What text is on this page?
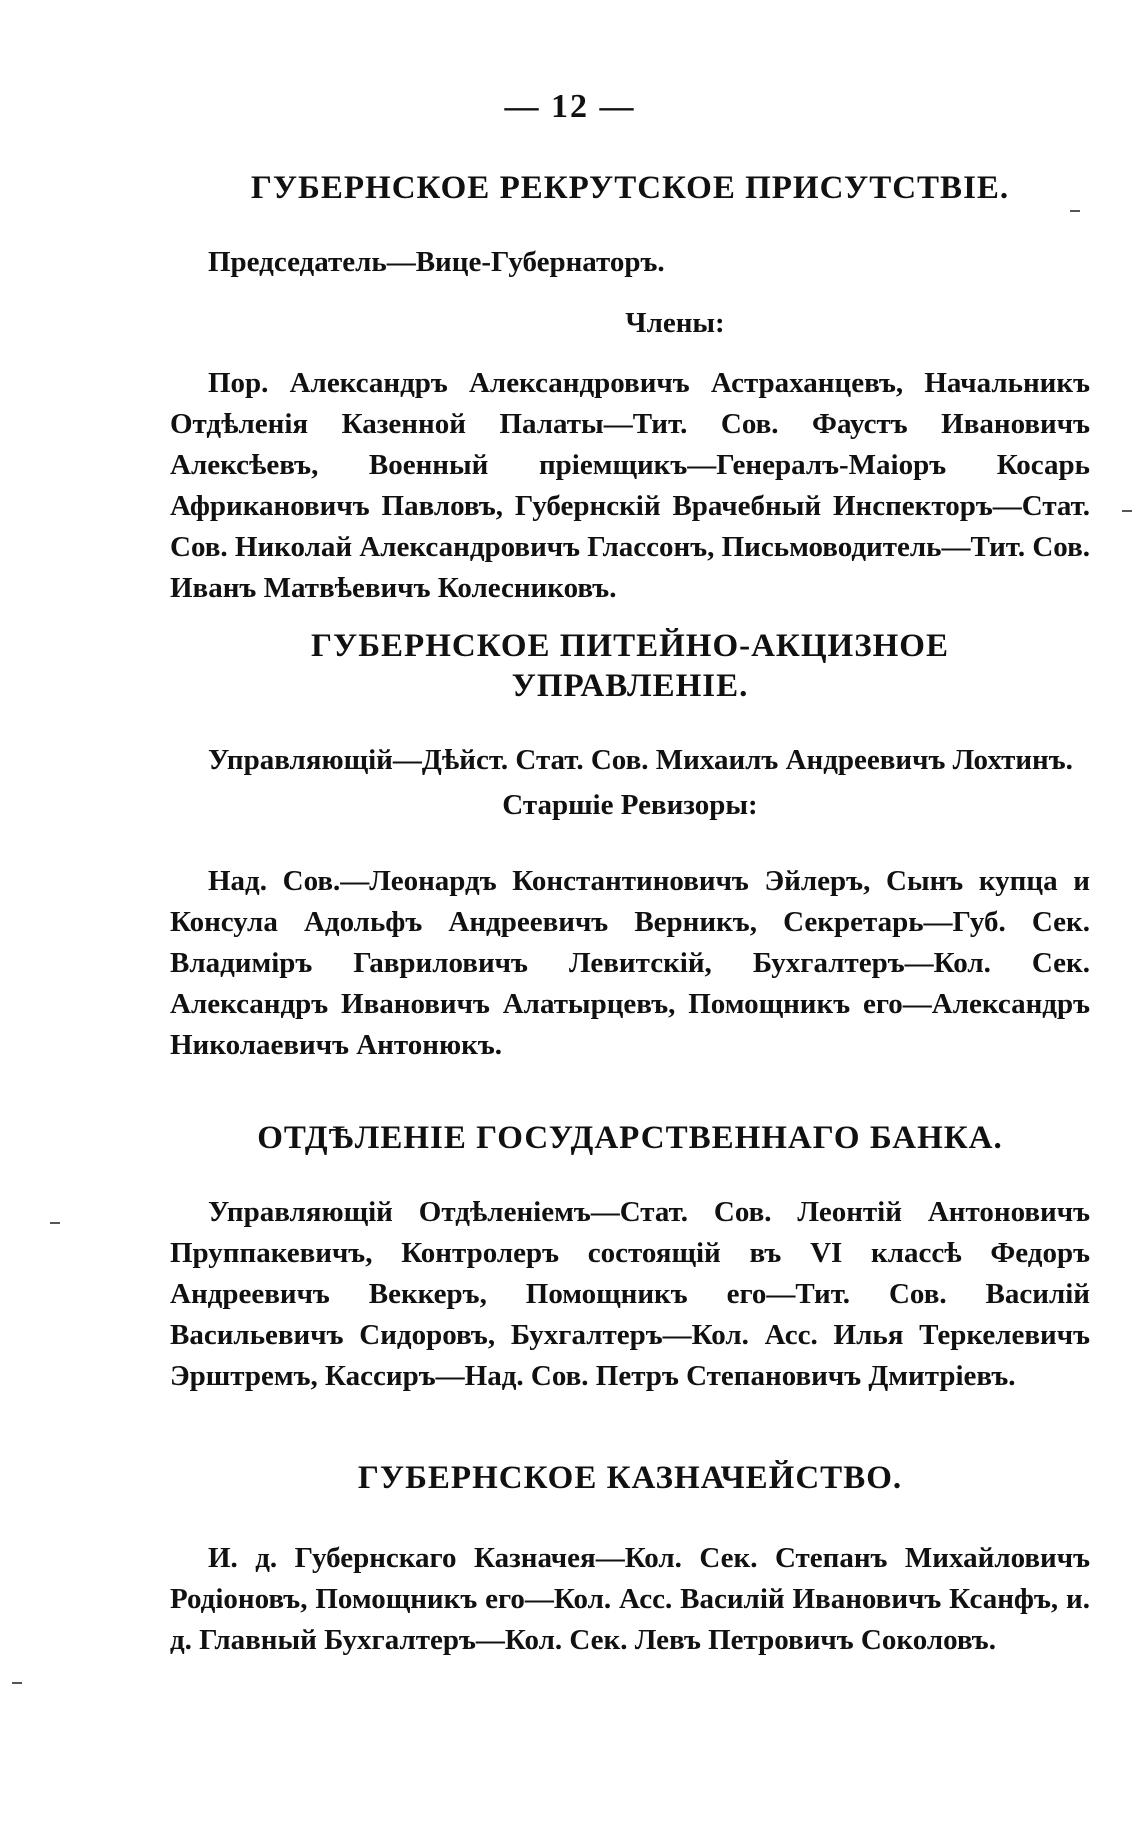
— 12 —
ГУБЕРНСКОЕ РЕКРУТСКОЕ ПРИСУТСТВІЕ.
Председатель—Вице-Губернаторъ.
Члены:
Пор. Александръ Александровичъ Астраханцевъ, Начальникъ Отдѣленія Казенной Палаты—Тит. Сов. Фаустъ Ивановичъ Алексѣевъ, Военный пріемщикъ—Генералъ-Маіоръ Косарь Африкановичъ Павловъ, Губернскій Врачебный Инспекторъ—Стат. Сов. Николай Александровичъ Глассонъ, Письмоводитель—Тит. Сов. Иванъ Матвѣевичъ Колесниковъ.
ГУБЕРНСКОЕ ПИТЕЙНО-АКЦИЗНОЕ УПРАВЛЕНІЕ.
Управляющій—Дѣйст. Стат. Сов. Михаилъ Андреевичъ Лохтинъ.
Старшіе Ревизоры:
Над. Сов.—Леонардъ Константиновичъ Эйлеръ, Сынъ купца и Консула Адольфъ Андреевичъ Верникъ, Секретарь—Губ. Сек. Владиміръ Гавриловичъ Левитскій, Бухгалтеръ—Кол. Сек. Александръ Ивановичъ Алатырцевъ, Помощникъ его—Александръ Николаевичъ Антонюкъ.
ОТДѢЛЕНІЕ ГОСУДАРСТВЕННАГО БАНКА.
Управляющій Отдѣленіемъ—Стат. Сов. Леонтій Антоновичъ Пруппакевичъ, Контролеръ состоящій въ VI классѣ Федоръ Андреевичъ Веккеръ, Помощникъ его—Тит. Сов. Василій Васильевичъ Сидоровъ, Бухгалтеръ—Кол. Асс. Илья Теркелевичъ Эрштремъ, Кассиръ—Над. Сов. Петръ Степановичъ Дмитріевъ.
ГУБЕРНСКОЕ КАЗНАЧЕЙСТВО.
И. д. Губернскаго Казначея—Кол. Сек. Степанъ Михайловичъ Родіоновъ, Помощникъ его—Кол. Асс. Василій Ивановичъ Ксанфъ, и. д. Главный Бухгалтеръ—Кол. Сек. Левъ Петровичъ Соколовъ.
